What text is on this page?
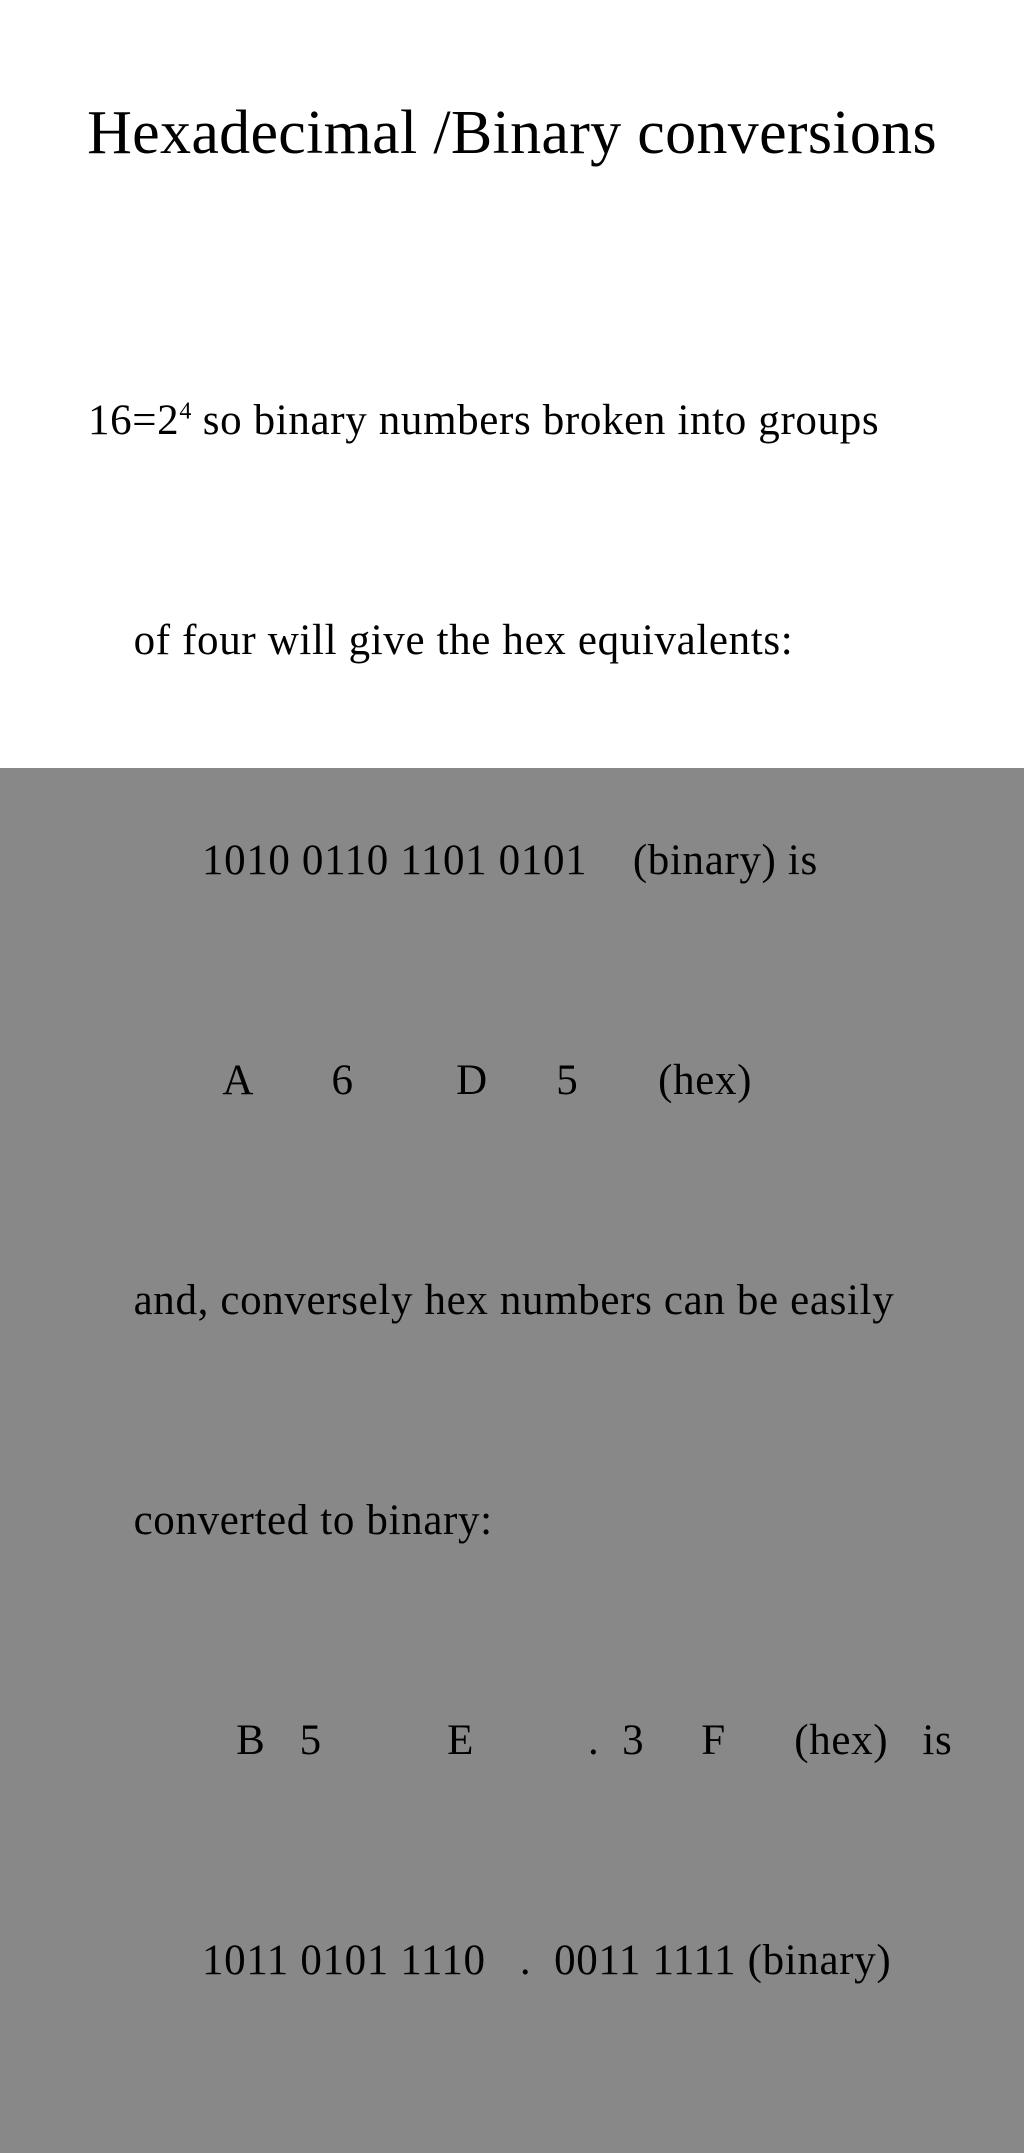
Hexadecimal /Binary conversions

$16=2^4$ so binary numbers broken into groups

of four will give the hex equivalents:

1010 0110 1101 0101    (binary) is

A       6         D      5       (hex)

and, conversely hex numbers can be easily

converted to binary:

B   5           E          .  3     F      (hex)   is

1011 0101 1110   .  0011 1111 (binary)
